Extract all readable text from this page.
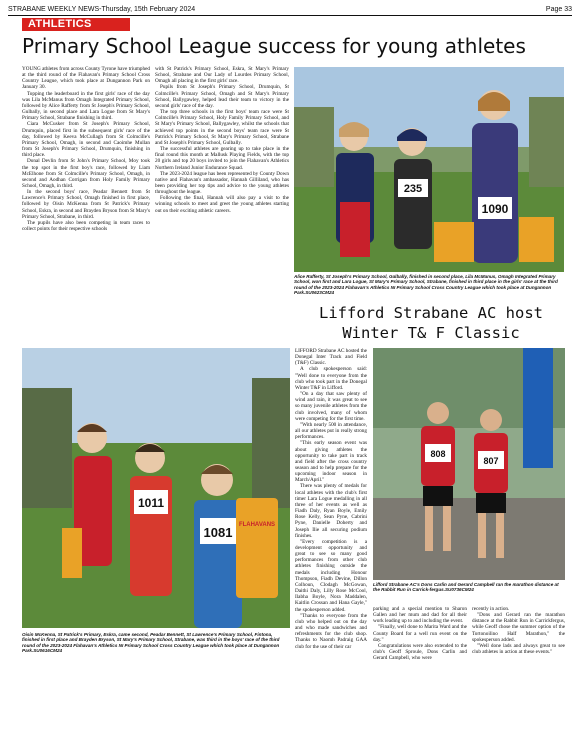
STRABANE WEEKLY NEWS-Thursday, 15th February 2024	Page 33
ATHLETICS
Primary School League success for young athletes

YOUNG athletes from across County Tyrone have triumphed at the third round of the Flahavan's Primary School Cross Country League, which took place at Dungannon Park on January 30.

Topping the leaderboard in the first girls' race of the day was Lila McManus from Omagh Integrated Primary School, followed by Alice Rafferty from St Joseph's Primary School, Gulbally, in second place and Lara Logue from St Mary's Primary School, Strabane finishing in third.

Ciara McCusker from St Joseph's Primary School, Drumquin, placed first in the subsequent girls' race of the day, followed by Keeva McCullagh from St Colmcille's Primary School, Omagh, in second and Caoimhe Mullan from St Joseph's Primary School, Drumquin, finishing in third place.

Donal Devlin from St John's Primary School, Moy took the top spot in the first boy's race, followed by Liam McElhone from St Colmcille's Primary School, Omagh, in second and Aodhan Corrigan from Holy Family Primary School, Omagh, in third.

In the second boys' race, Peadar Bennett from St Lawrence's Primary School, Omagh finished in first place, followed by Oisin McKenna from St Patrick's Primary School, Eskra, in second and Brayden Bryson from St Mary's Primary School, Strabane, in third.

The pupils have also been competing in team races to collect points for their respective schools

with St Patrick's Primary School, Eskra, St Mary's Primary School, Strabane and Our Lady of Lourdes Primary School, Omagh all placing in the first girls' race.

Pupils from St Joseph's Primary School, Drumquin, St Colmcille's Primary School, Omagh and St Mary's Primary School, Ballygawley, helped lead their team to victory in the second girls' race of the day.

The top three schools in the first boys' team race were St Colmcille's Primary School, Holy Family Primary School, and St Mary's Primary School, Ballygawley, whilst the schools that achieved top points in the second boys' team race were St Patrick's Primary School, St Mary's Primary School, Strabane and St Joseph's Primary School, Gulbally.

The successful athletes are gearing up to take place in the final round this month at Mallusk Playing Fields, with the top 20 girls and top 20 boys invited to join the Flahavan's Athletics Northern Ireland Junior Endurance Squad.

The 2023-2024 league has been represented by County Down native and Flahavan's ambassador, Hannah Gilliland, who has been providing her top tips and advice to the young athletes throughout the league.

Following the final, Hannah will also pay a visit to the winning schools to meet and greet the young athletes starting out on their exciting athletic careers.

235
1090
Alice Rafferty, St Joseph's Primary School, Galbally, finished in second place, Lila McManus, Omagh Integrated Primary School, won first and Lara Logue, St Mary's Primary School, Strabane, finished in third place in the girls' race at the third round of the 2023-2024 Flahavan's Athletics NI Primary School Cross Country League which took place at Dungannon Park.SU0623CM24
Lifford Strabane AC host Winter T& F Classic
FLAHAVANS
1011
1081
Oisin McKenna, St Patrick's Primary, Eskra, came second, Peadar Bennett, St Lawrence's Primary School, Fintona, finished in first place and Brayden Bryson, St Mary's Primary School, Strabane, was third in the boys' race of the third round of the 2023-2024 Flahavan's Athletics NI Primary School Cross Country League which took place at Dungannon Park.SU0616CM24

LIFFORD Strabane AC hosted the Donegal Inter Track and Field (T&F) Classic.

A club spokesperson said: "Well done to everyone from the club who took part in the Donegal Winter T&F in Lifford.

"On a day that saw plenty of wind and rain, it was great to see so many juvenile athletes from the club involved, many of whom were competing for the first time.

"With nearly 500 in attendance, all our athletes put in really strong performances.

"This early season event was about giving athletes the opportunity to take part in track and field after the cross country season and to help prepare for the upcoming indoor season in March/April."

There was plenty of medals for local athletes with the club's first timer Lara Logue medalling in all three of her events as well as Fiadh Daly, Ryan Boyle, Emily Rose Kelly, Sean Pyne, Cabrini Pyne, Danielle Doherty and Joseph Ilie all securing podium finishes.

"Every competition is a development opportunity and great to see so many good performances from other club athletes finishing outside the medals including Honour Thompson, Fiadh Devine, Dillon Colhoun, Clodagh McGowan, Daithi Daly, Lilly Rose McCool, Ilabha Boyle, Nora Maddalen, Kaitlin Crossan and Hana Gayle," the spokesperson added.

"Thanks to everyone from the club who helped out on the day and who made sandwiches and refreshments for the club shop. Thanks to Naomh Padraig GAA club for the use of their car

808
807
Lifford Strabane AC's Dons Carlin and Gerard Campbell ran the marathon distance at the Rabbit Run in Carrick-fergus.SU0736CM24

parking and a special mention to Sharon Gallen and her mum and dad for all their work leading up to and including the event.

"Finally, well done to Marita Ward and the County Board for a well run event on the day."

Congratulations were also extended to the club's Geoff Sproule, Dons Carlin and Gerard Campbell, who were

recently in action.

"Dons and Gerard ran the marathon distance at the Rabbit Run in Carrickfergus, while Geoff chose the summer option of the Tortonoilino Half Marathon," the spokesperson added.

"Well done lads and always great to see club athletes in action at these events."
